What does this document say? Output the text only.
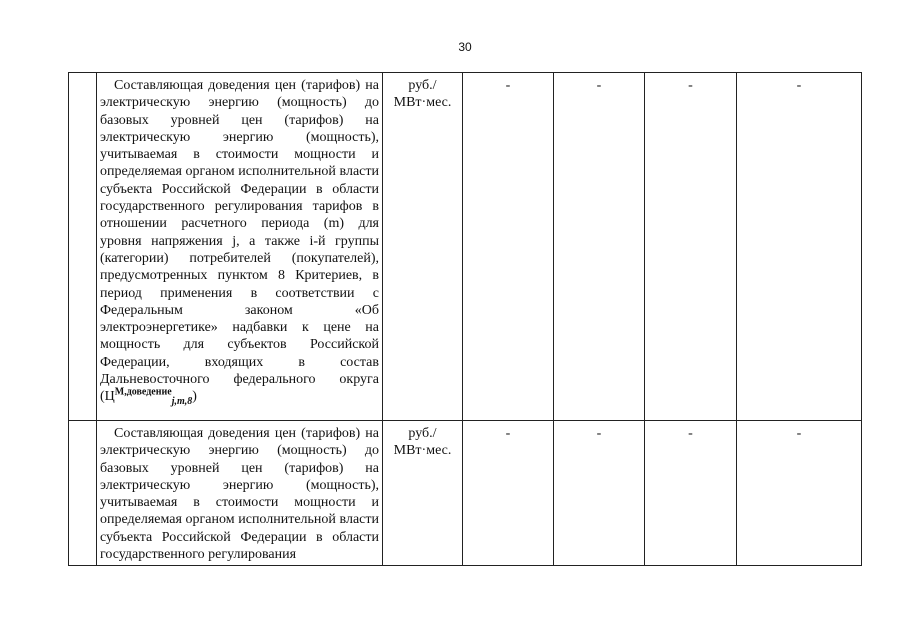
30

	Составляющая доведения цен (тарифов) на электрическую энергию (мощность) до базовых уровней цен (тарифов) на электрическую энергию (мощность), учитываемая в стоимости мощности и определяемая органом исполнительной власти субъекта Российской Федерации в области государственного регулирования тарифов в отношении расчетного периода (m) для уровня напряжения j, а также i-й группы (категории) потребителей (покупателей), предусмотренных пунктом 8 Критериев, в период применения в соответствии с Федеральным законом «Об электроэнергетике» надбавки к цене на мощность для субъектов Российской Федерации, входящих в состав Дальневосточного федерального округа $(Ц^{М,доведение}_{j,m,8})$	руб./
МВт·мес.	-	-	-	-

	Составляющая доведения цен (тарифов) на электрическую энергию (мощность) до базовых уровней цен (тарифов) на электрическую энергию (мощность), учитываемая в стоимости мощности и определяемая органом исполнительной власти субъекта Российской Федерации в области государственного регулирования	руб./
МВт·мес.	-	-	-	-
